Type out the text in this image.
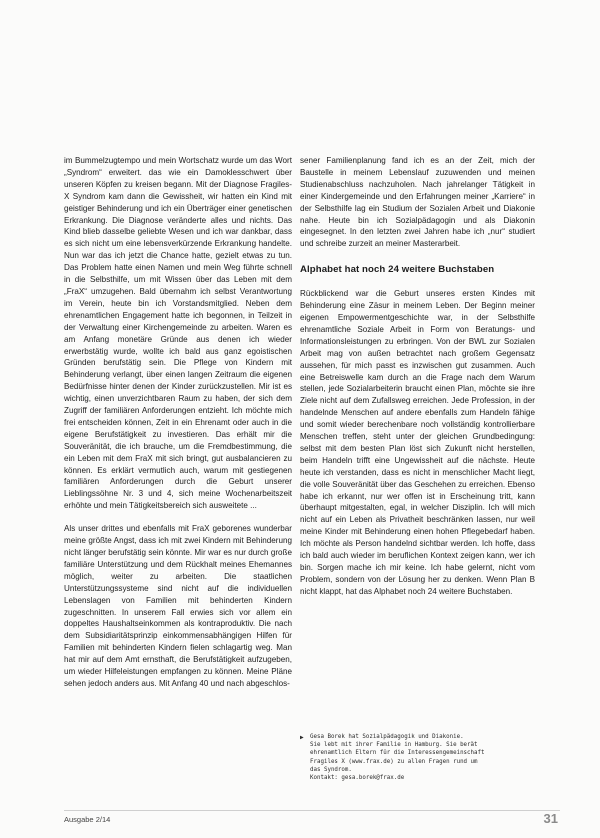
im Bummelzugtempo und mein Wortschatz wurde um das Wort „Syndrom“ erweitert. das wie ein Damoklesschwert über unseren Köpfen zu kreisen begann. Mit der Diagnose Fragiles-X Syndrom kam dann die Gewissheit, wir hatten ein Kind mit geistiger Behinderung und ich ein Überträger einer genetischen Erkrankung. Die Diagnose veränderte alles und nichts. Das Kind blieb dasselbe geliebte Wesen und ich war dankbar, dass es sich nicht um eine lebensverkürzende Erkrankung handelte. Nun war das ich jetzt die Chance hatte, gezielt etwas zu tun. Das Problem hatte einen Namen und mein Weg führte schnell in die Selbsthilfe, um mit Wissen über das Leben mit dem „FraX“ umzugehen. Bald übernahm ich selbst Verantwortung im Verein, heute bin ich Vorstandsmitglied. Neben dem ehrenamtlichen Engagement hatte ich begonnen, in Teilzeit in der Verwaltung einer Kirchengemeinde zu arbeiten. Waren es am Anfang monetäre Gründe aus denen ich wieder erwerbstätig wurde, wollte ich bald aus ganz egoistischen Gründen berufstätig sein. Die Pflege von Kindern mit Behinderung verlangt, über einen langen Zeitraum die eigenen Bedürfnisse hinter denen der Kinder zurückzustellen. Mir ist es wichtig, einen unverzichtbaren Raum zu haben, der sich dem Zugriff der familiären Anforderungen entzieht. Ich möchte mich frei entscheiden können, Zeit in ein Ehrenamt oder auch in die eigene Berufstätigkeit zu investieren. Das erhält mir die Souveränität, die ich brauche, um die Fremdbestimmung, die ein Leben mit dem FraX mit sich bringt, gut ausbalancieren zu können. Es erklärt vermutlich auch, warum mit gestiegenen familiären Anforderungen durch die Geburt unserer Lieblingssöhne Nr. 3 und 4, sich meine Wochenarbeitszeit erhöhte und mein Tätigkeitsbereich sich ausweitete ...

Als unser drittes und ebenfalls mit FraX geborenes wunderbar meine größte Angst, dass ich mit zwei Kindern mit Behinderung nicht länger berufstätig sein könnte. Mir war es nur durch große familiäre Unterstützung und dem Rückhalt meines Ehemannes möglich, weiter zu arbeiten. Die staatlichen Unterstützungssysteme sind nicht auf die individuellen Lebenslagen von Familien mit behinderten Kindern zugeschnitten. In unserem Fall erwies sich vor allem ein doppeltes Haushaltseinkommen als kontraproduktiv. Die nach dem Subsidiaritätsprinzip einkommensabhängigen Hilfen für Familien mit behinderten Kindern fielen schlagartig weg. Man hat mir auf dem Amt ernsthaft, die Berufstätigkeit aufzugeben, um wieder Hilfeleistungen empfangen zu können. Meine Pläne sehen jedoch anders aus. Mit Anfang 40 und nach abgeschlos-

sener Familienplanung fand ich es an der Zeit, mich der Baustelle in meinem Lebenslauf zuzuwenden und meinen Studienabschluss nachzuholen. Nach jahrelanger Tätigkeit in einer Kindergemeinde und den Erfahrungen meiner „Karriere“ in der Selbsthilfe lag ein Studium der Sozialen Arbeit und Diakonie nahe. Heute bin ich Sozialpädagogin und als Diakonin eingesegnet. In den letzten zwei Jahren habe ich „nur“ studiert und schreibe zurzeit an meiner Masterarbeit.

Alphabet hat noch 24 weitere Buchstaben

Rückblickend war die Geburt unseres ersten Kindes mit Behinderung eine Zäsur in meinem Leben. Der Beginn meiner eigenen Empowermentgeschichte war, in der Selbsthilfe ehrenamtliche Soziale Arbeit in Form von Beratungs- und Informationsleistungen zu erbringen. Von der BWL zur Sozialen Arbeit mag von außen betrachtet nach großem Gegensatz aussehen, für mich passt es inzwischen gut zusammen. Auch eine Betreiswelle kam durch an die Frage nach dem Warum stellen, jede Sozialarbeiterin braucht einen Plan, möchte sie ihre Ziele nicht auf dem Zufallsweg erreichen. Jede Profession, in der handelnde Menschen auf andere ebenfalls zum Handeln fähige und somit wieder berechenbare noch vollständig kontrollierbare Menschen treffen, steht unter der gleichen Grundbedingung: selbst mit dem besten Plan löst sich Zukunft nicht herstellen, beim Handeln trifft eine Ungewissheit auf die nächste. Heute heute ich verstanden, dass es nicht in menschlicher Macht liegt, die volle Souveränität über das Geschehen zu erreichen. Ebenso habe ich erkannt, nur wer offen ist in Erscheinung tritt, kann überhaupt mitgestalten, egal, in welcher Disziplin. Ich will mich nicht auf ein Leben als Privatheit beschränken lassen, nur weil meine Kinder mit Behinderung einen hohen Pflegebedarf haben. Ich möchte als Person handelnd sichtbar werden. Ich hoffe, dass ich bald auch wieder im beruflichen Kontext zeigen kann, wer ich bin. Sorgen mache ich mir keine. Ich habe gelernt, nicht vom Problem, sondern von der Lösung her zu denken. Wenn Plan B nicht klappt, hat das Alphabet noch 24 weitere Buchstaben.

▶ Gesa Borek hat Sozialpädagogik und Diakonie.
Sie lebt mit ihrer Familie in Hamburg. Sie berät
ehrenamtlich Eltern für die Interessengemeinschaft
Fragiles X (www.frax.de) zu allen Fragen rund um
das Syndrom.
Kontakt: gesa.borek@frax.de
Ausgabe 2/14	31
